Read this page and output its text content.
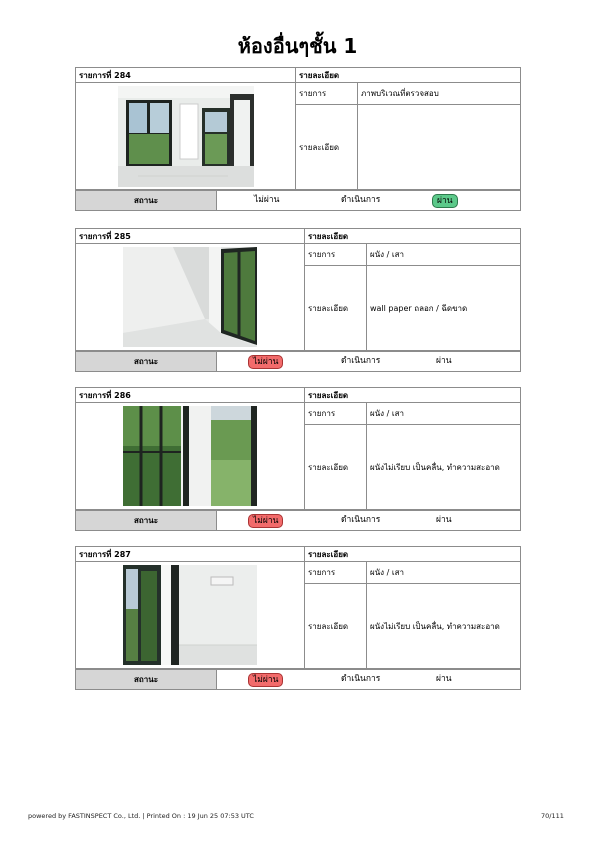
ห้องอื่นๆชั้น 1
รายการที่ 284	รายละเอียด	

	รายการ	ภาพบริเวณที่ตรวจสอบ
	รายละเอียด	
สถานะ	ไม่ผ่าน	ดำเนินการ	ผ่าน
รายการที่ 285	รายละเอียด	

	รายการ	ผนัง / เสา
	รายละเอียด	wall paper ถลอก / ฉีดขาด
สถานะ	ไม่ผ่าน	ดำเนินการ	ผ่าน
รายการที่ 286	รายละเอียด	

	รายการ	ผนัง / เสา
	รายละเอียด	ผนังไม่เรียบ เป็นคลื่น, ทำความสะอาด
สถานะ	ไม่ผ่าน	ดำเนินการ	ผ่าน
รายการที่ 287	รายละเอียด	

	รายการ	ผนัง / เสา
	รายละเอียด	ผนังไม่เรียบ เป็นคลื่น, ทำความสะอาด
สถานะ	ไม่ผ่าน	ดำเนินการ	ผ่าน
powered by FASTINSPECT Co., Ltd. | Printed On : 19 Jun 25 07:53 UTC	70/111
